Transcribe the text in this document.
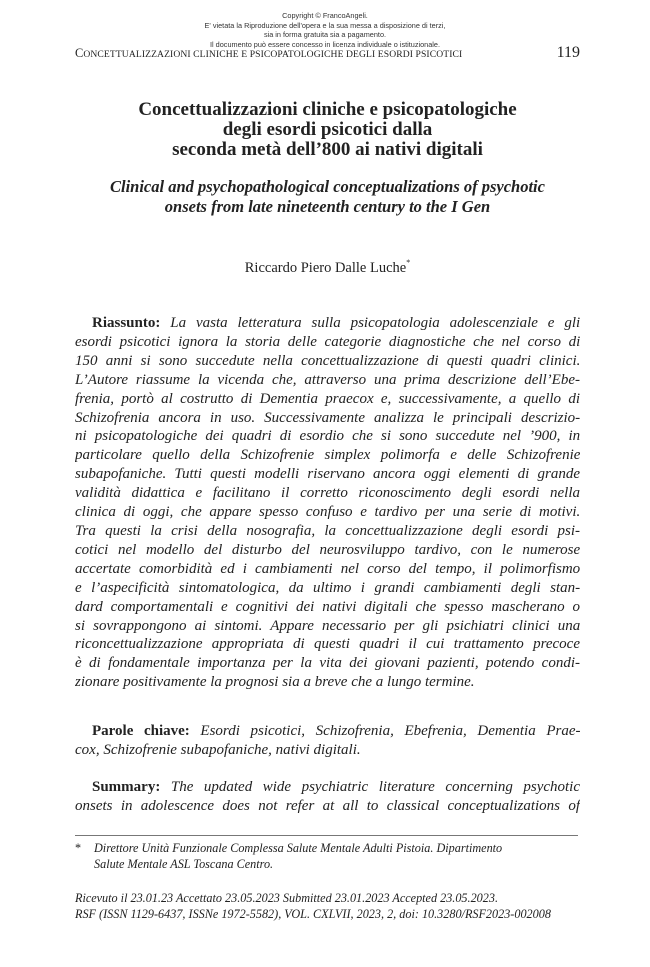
Copyright © FrancoAngeli.
E' vietata la Riproduzione dell'opera e la sua messa a disposizione di terzi,
sia in forma gratuita sia a pagamento.
Il documento può essere concesso in licenza individuale o istituzionale.
CONCETTUALIZZAZIONI CLINICHE E PSICOPATOLOGICHE DEGLI ESORDI PSICOTICI	119
Concettualizzazioni cliniche e psicopatologiche
degli esordi psicotici dalla
seconda metà dell’800 ai nativi digitali
Clinical and psychopathological conceptualizations of psychotic
onsets from late nineteenth century to the I Gen
Riccardo Piero Dalle Luche*
Riassunto: La vasta letteratura sulla psicopatologia adolescenziale e gli
esordi psicotici ignora la storia delle categorie diagnostiche che nel corso di
150 anni si sono succedute nella concettualizzazione di questi quadri clinici.
L’Autore riassume la vicenda che, attraverso una prima descrizione dell’Ebe-
frenia, portò al costrutto di Dementia praecox e, successivamente, a quello di
Schizofrenia ancora in uso. Successivamente analizza le principali descrizio-
ni psicopatologiche dei quadri di esordio che si sono succedute nel ’900, in
particolare quello della Schizofrenie simplex polimorfa e delle Schizofrenie
subapofaniche. Tutti questi modelli riservano ancora oggi elementi di grande
validità didattica e facilitano il corretto riconoscimento degli esordi nella
clinica di oggi, che appare spesso confuso e tardivo per una serie di motivi.
Tra questi la crisi della nosografia, la concettualizzazione degli esordi psi-
cotici nel modello del disturbo del neurosviluppo tardivo, con le numerose
accertate comorbidità ed i cambiamenti nel corso del tempo, il polimorfismo
e l’aspecificità sintomatologica, da ultimo i grandi cambiamenti degli stan-
dard comportamentali e cognitivi dei nativi digitali che spesso mascherano o
si sovrappongono ai sintomi. Appare necessario per gli psichiatri clinici una
riconcettualizzazione appropriata di questi quadri il cui trattamento precoce
è di fondamentale importanza per la vita dei giovani pazienti, potendo condi-
zionare positivamente la prognosi sia a breve che a lungo termine.
Parole chiave: Esordi psicotici, Schizofrenia, Ebefrenia, Dementia Prae-
cox, Schizofrenie subapofaniche, nativi digitali.
Summary: The updated wide psychiatric literature concerning psychotic
onsets in adolescence does not refer at all to classical conceptualizations of
* Direttore Unità Funzionale Complessa Salute Mentale Adulti Pistoia. Dipartimento
Salute Mentale ASL Toscana Centro.
Ricevuto il 23.01.23 Accettato 23.05.2023 Submitted 23.01.2023 Accepted 23.05.2023.
RSF (ISSN 1129-6437, ISSNe 1972-5582), VOL. CXLVII, 2023, 2, doi: 10.3280/RSF2023-002008
